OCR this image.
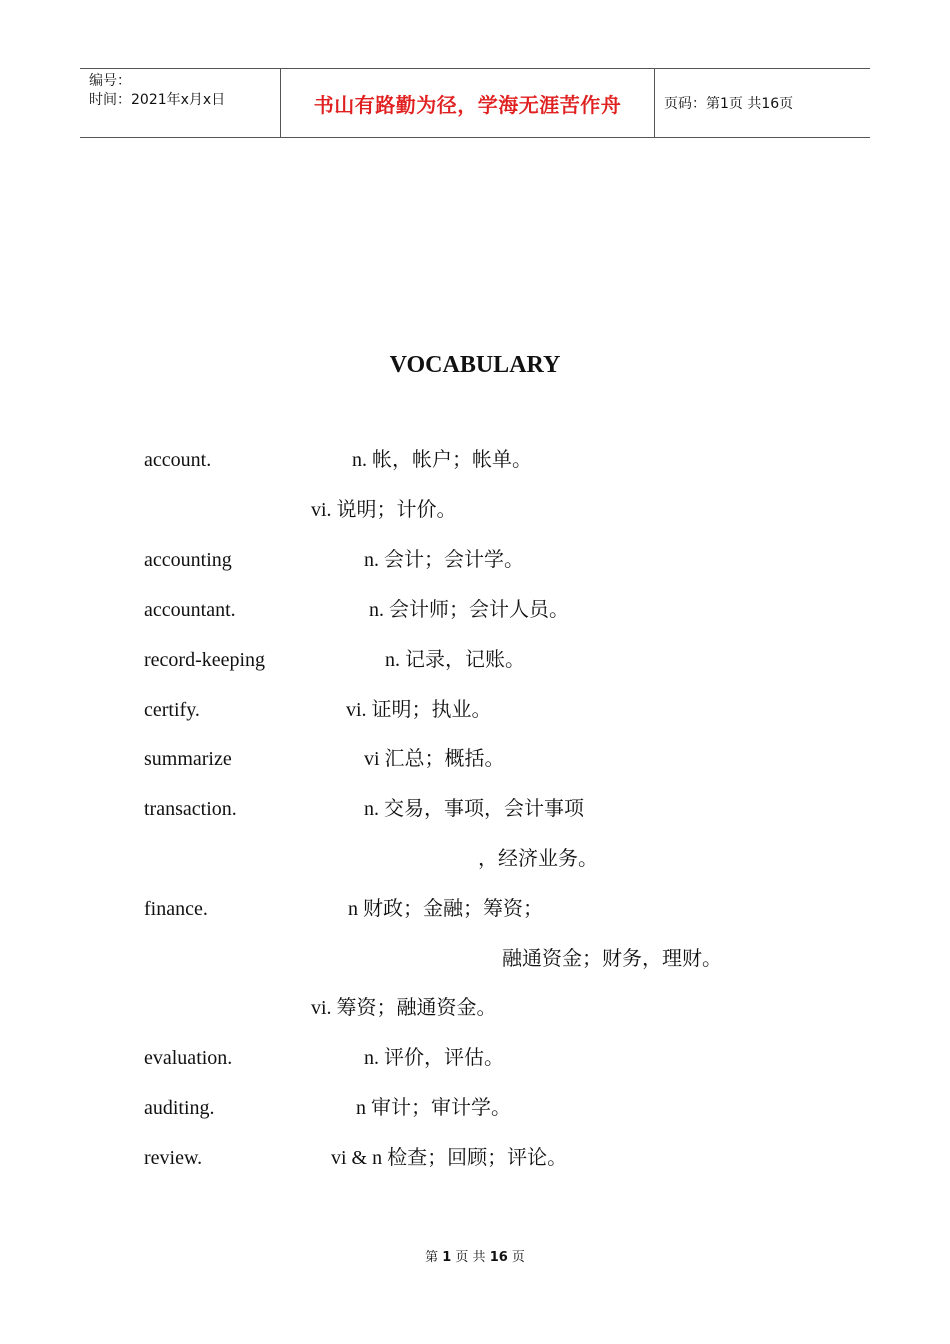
编号：
时间：2021年x月x日	书山有路勤为径，学海无涯苦作舟	页码：第1页 共16页
VOCABULARY
account.	n. 帐，帐户；帐单。
vi. 说明；计价。
accounting	n. 会计；会计学。
accountant.	n. 会计师；会计人员。
record-keeping	n. 记录，记账。
certify.	vi. 证明；执业。
summarize	vi 汇总；概括。
transaction.	n. 交易，事项，会计事项
，经济业务。
finance.	n 财政；金融；筹资；
融通资金；财务，理财。
vi. 筹资；融通资金。
evaluation.	n. 评价，评估。
auditing.	n 审计；审计学。
review.	vi & n 检查；回顾；评论。
第 1 页 共 16 页
